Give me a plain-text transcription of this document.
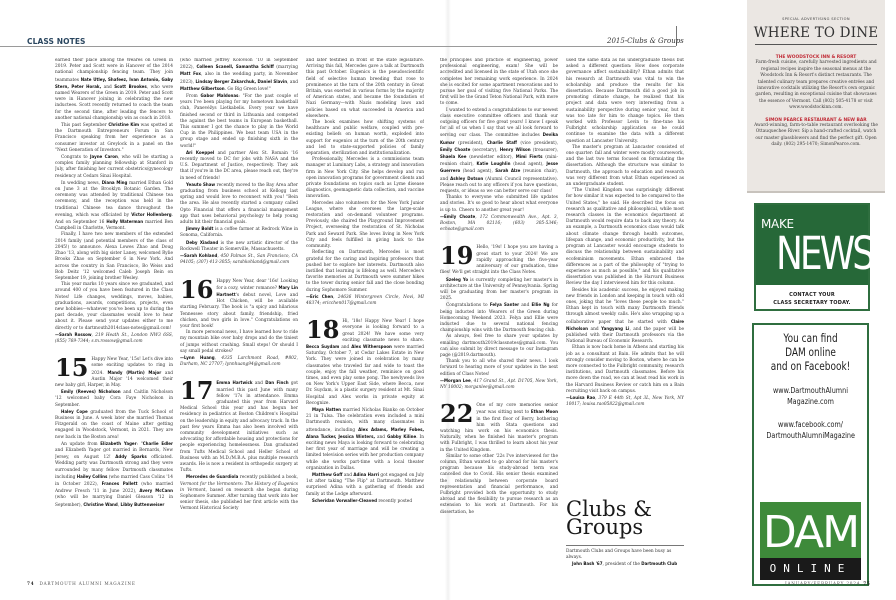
CLASS NOTES	2015-Clubs & Groups

earned their place among the Weares on Green in 2019. Peter and Scott were in Hanover of the 2014 national championship fencing team. They join teammates Nate Utley, Shafeez, Ivan Antonio, Gaby Stern, Peter Horak, and Scott Brookes, who were named Wearers of the Green in 2019. Peter and Scott were in Hanover joining in celebrating the new inductees. Scott recently returned to coach the team for the second time, after leading the fencers to another national championship win as coach in 2018.

This past September Christine Kim was spotted at the Dartmouth Entrepreneurs Forum in San Francisco speaking from her experience as a consumer investor at Greylock in a panel on the "Next Generation of Investors."

Congrats to Jayne Caron, who will be starting a complex family planning fellowship at Stanford in July, after finishing her current obstetrics/gynecology residency at Cedars Sinai Hospital.

In wedding news, Diana Ming married Ethan Gold on June 3 at the Brooklyn Botanic Garden. The ceremony was attended by traditional Chinese tea ceremony, and the reception was held in the traditional Chinese tea dance throughout the evening, which was officiated by Victor Hollenberg. And on September 16 Holly Waterman married Ben Campbell in Charlotte, Vermont.

Finally, I have two new members of the extended 2014 family (and potential members of the class of 2045!) to announce. Alexa Lowes Zhao and Doug Zhao '13, along with big sister Laney, welcomed Rylie Brooks Zhao on September 6 in New York. And across the country in San Francisco, Bo Weiss and Bob Deitz '12 welcomed Caleb Joseph Bein on September 19, joining brother Wesley.

This year marks 10 years since we graduated, and around 400 of you have been featured in the Class Notes! Life changes, weddings, moves, babies, graduations, awards, competitions, projects, even new hobbies—whatever you've been up to during the past decade, your classmates would love to hear about it. Please send your updates either to me directly or to dartmouth2014class-notes@gmail.com!

—Sarah Rossow, 219 Heath St., London NW3 6SS, (855) 769-7344; s.m.rossow@gmail.com

15 Happy New Year, '15s! Let's dive into some exciting updates to ring in 2024. Mandy (Martin) Major and Austin Major '14 welcomed their new baby girl, Harper, in May.

Emily (Reeves) Nicholson and Caitlin Nicholson '12 welcomed baby Cora Faye Nicholson in September.

Haley Cope graduated from the Tuck School of Business in June. A week later she married Thomas Fitzgerald on the coast of Maine after getting engaged in Woodstock, Vermont, in 2021. They are now back in the Boston area!

An update from Elizabeth Yager: "Charlie Edler and Elizabeth Yager got married in Bernards, New Jersey, on August 12! Addy Sparks officiated. Wedding party was Dartmouth strong and they were surrounded by many fellow Dartmouth classmates including Hailey Collins (who married Cass Colins '14 in October 2022), Frances Pallett (who married Andrew Fresch '11 in June 2022), Avery McCann (who will be marrying Daniel Gleason '12 in September), Christine Wand, Libby Buttenweiser

(who married Jeffrey Kolovson '10 in September 2022), Colleen Scanell, Samantha Schiff (marrying Matt Fox, also in the wedding party, in November 2023), Lindsay Berger Zakarchuk, Daniel Slavin, and Matthew Gilbertson. Go Big Green love!"

From Gabor Maldonas: "For the past couple of years I've been playing for my hometown basketball club, Panevėžys Lietkabelis. Every year we have finished second or third in Lithuania and competed the against the best teams in European basketball. This summer I got the chance to play in the World Cup in the Philippines. We beat team USA in the group stage and ended up finishing sixth in the world!"

Ari Koeppel and partner Alex St. Romain '16 recently moved to DC for jobs with NASA and the U.S. Department of Justice, respectively. They ask that if you're in the DC area, please reach out, they're in need of friends!

Yeauto Shaw recently moved to the Bay Area after graduating from business school at Kellogg last spring and would love to reconnect with you! "Bein the area. He also recently started a company called Opto Financial that offers a financial management app that uses behavioral psychology to help young adults hit their financial goals.

Jimmy Boldt is a coffee farmer at Redrock Wine in Sonoma, California.

Deby Xiadand is the new artistic director of the Rockwell Theater in Somerville, Massachusetts.

—Sarah Kohland, 450 Palmas St., San Francisco, CA 94105; (307) 413-3055; sarahkohland@gmail.com

16 Happy New Year, dear '16s! Looking for a cozy, winter romance? Mary Lin Hartnett's debut novel, Love and Hot Chicken, will be available starting February. The book is "a spicy and hilarious Tennessee story about family, friendship, fried chicken, and two girls in love." Congratulations on your first book!

In more personal news, I have learned how to ride my mountain bike over baby drops and do the tiniest of jumps without crashing. Small steps! Or should I say small pedal strokes?

—Lynn Huang, 4335 Larchmont Road, #802, Durham, NC 27707; lynnhuang94@gmail.com

17 Emma Hartwick and Dan Finch got married this past June with many fellow '17s in attendance. Emma graduated this year from Harvard Medical School this year and has begun her residency in pediatrics at Boston Children's Hospital on the leadership in equity and advocacy track. In the past few years Emma has also been involved with community development initiatives such as advocating for affordable housing and protections for people experiencing homelessness. Dan graduated from Tufts Medical School and Heller School of Business with an M.D./M.B.A. plus multiple research awards. He is now a resident in orthopedic surgery at Tufts.

Mercedes de Guardiola recently published a book, Vermont for the Vermonters: The History of Eugenics in Vermont, based on research she began during Sophomore Summer. After turning that work into her senior thesis, she published her first article with the Vermont Historical Society

and later testified in front of the state legislature. Arriving this fall, Mercedes gave a talk at Dartmouth this past October. Eugenics is the pseudoscientific field of selective human breeding that rose to prominence at the turn of the 20th century in Great Britain, was exerted in various forms by the majority of American states, and became the foundation of Nazi Germany—with Nazis modeling laws and policies based on what succeeded in America and elsewhere.

The book examines how shifting systems of healthcare and public welfare, coupled with pre-existing beliefs on human worth, exploded into support for eugenics at the turn of the 20th century and led to state-supported policies of family separation, sterilization and institutionalization.

Professionally, Mercedes is a commissions team manager at Luminary Labs, a strategy and innovation firm in New York City. She helps develop and run open innovation programs for government clients and private foundations on topics such as Lyme disease diagnostics, geomagnetic data collection, and vaccine innovation.

Mercedes also volunteers for the New York Junior League, where she oversees the large-scale restoration and on-demand volunteer programs. Previously, she chaired the Playground Improvement Project, overseeing the restoration of St. Nicholas Park and Seward Park. She loves living in New York City and feels fulfilled in giving back to the community.

Reflecting on Dartmouth, Mercedes is most grateful for the caring and inspiring professors that pushed her to explore her interests. Dartmouth also instilled that learning is lifelong as well. Mercedes's favorite memories at Dartmouth were summer hikes to the tower during senior fall and the close bonding during Sophomore Summer.

—Eric Chen, 24636 Wintergreen Circle, Novi, MI 48374; ericchen017@gmail.com

18 Hi, '18s! Happy New Year! I hope everyone is looking forward to a great 2024! We have some very exciting classmate news to share. Becca Suydam and Alex Witherspoon were married Saturday, October 7, at Cedar Lakes Estate in New York. They were joined in celebration by many classmates who traveled far and wide to toast the couple, enjoy the fall weather, reminisce on good times, and even play some pong. The newlyweds live on New York's Upper East Side, where Becca, now Dr. Suydam, is a plastic surgery resident at Mt. Sinai Hospital and Alex works in private equity at Recognize.

Maya Hatten married Nicholas Bianko on October 21 in Tulsa. The celebration even included a mini Dartmouth reunion, with many classmates in attendance, including Alex Adams, Marley Fobes, Alana Tucker, Jessica Winters, and Gabby Kiline. In exciting news Maya is looking forward to celebrating her first year of marriage and will be creating a limited television series with her production company while she works part-time with a local theater organization in Dallas.

Matthew Goff and Adina Harri got engaged on July 1st after taking "The Flip" at Dartmouth. Matthew surprised Adina with a gathering of friends and family at the Lodge afterward.

Scheridan Vorwaller-Cleaved recently posted

the principles and practice of engineering, power professional engineering, exam! She will be accredited and licensed in the state of Utah once she completes her remaining work experience. In 2024 she is excited for some apartment renovations and to pursue her goal of visiting five National Parks. The first will be the Grand Teton National Park, with more to come.

I wanted to extend a congratulations to our newest class executive committee officers and thank our outgoing officers for five great years! I know I speak for all of us when I say that we all look forward to serving our class. The committee includes Devika Kumar (president), Charlie Staff (vice president), Emily Choate (secretary), Henry Wilson (treasurer), Shaela Kee (newsletter editor), Mimi Fierts (mini-reunion chair), Katie Loughlin (head agent), Jesse Guerrero (head agent), Sarah Alze (reunion chair), and Ashley Dotson (Alumni Council representative). Please reach out to any officers if you have questions, requests, or ideas so we can better serve our class!

Thanks to everyone who submitted life updates and stories. It's so good to hear about what everyone is up to. Cheers to another great year!

—Emily Choate, 172 Commonwealth Ave., Apt. 3, Boston, MA 02116; (603) 305-5346; echoate@gmail.com

19 Hello, '19s! I hope you are having a great start to your 2024! We are rapidly approaching the five-year anniversary of our graduation, time flies! We'll get straight into the Class Notes.

Szeleg Yo is currently completing her master's in architecture at the University of Pennsylvania. Spring will be graduating from her master's program in 2025.

Congratulations to Felya Santer and Ellie Ng for being inducted into Wearers of the Green during Homecoming Weekend 2023. Felya and Ellie were inducted due to several national fencing championship wins with the Dartmouth fencing club.

As always, feel free to share your updates by emailing dartmouth2019classnotes@gmail.com. You can also submit by direct message to our Instagram page (@2019.dartmouth).

Thank you to all who shared their news. I look forward to hearing more of your updates in the next edition of Class Notes!

—Morgan Lee, 417 Grand St., Apt. D1705, New York, NY 10002; morganlee@gmail.com

22 One of my core memories senior year was sitting next to Ethan Moon in the first floor of Berry, bothering him with Stata questions and watching him work on his economics thesis. Naturally, when he finished his master's program with Fulbright, I was thrilled to learn about his year in the United Kingdom.

Similar to some other '22s I've interviewed for the column, Ethan wanted to go abroad for his master's program because his study-abroad term was cancelled due to Covid. His senior thesis examined the relationship between corporate board representation and financial performance, and Fulbright provided both the opportunity to study abroad and the flexibility to pursue research as an extension to his work at Dartmouth. For his dissertation, he

used the same data as his undergraduate thesis but asked a different question: How does corporate governance affect sustainability? Ethan admits that his research at Dartmouth was vital to win the scholarship and produce the results for his dissertation. Because Dartmouth did a good job in promoting climate change, he realized that his project and data were very interesting from a sustainability perspective during senior year, but it was too late for him to change topics. He then worked with Professor Levin to fine-tune his Fulbright scholarship application so he could continue to examine the data with a different question at Lancaster University.

The master's program at Lancaster consisted of one quarter: fall and winter were mostly coursework, and the last two terms focused on formulating the dissertation. Although the structure was similar to Dartmouth, the approach to education and research was very different from what Ethan experienced as an undergraduate student.

"The United Kingdom was surprisingly different for how similar it was expected to be compared to the United States," he said. He described the focus on research as qualitative and philosophical, while most research classes in the economics department at Dartmouth would require data to back any theory. As an example, a Dartmouth economics class would talk about climate change through health outcomes, lifespan change, and economic productivity, but the program at Lancaster would encourage students to discuss the relationship between sustainability and ecofeminism movements. Ethan embraced the differences as a part of the philosophy of "trying to experience as much as possible," and his qualitative dissertation was published in the Harvard Business Review the day I interviewed him for this column.

Besides his academic success, he enjoyed making new friends in London and keeping in touch with old ones, joking that he "loves these people too much." Ethan kept in touch with many Dartmouth friends through almost weekly calls. He's also wrapping up a collaborative paper that he started with Claire Nicholson and Yangyang Li, and the paper will be published with their Dartmouth professors via the National Bureau of Economic Research.

Ethan is now back home in Athens and starting his job as a consultant at Bain. He admits that he will strongly consider moving to Boston, where he can be more connected to the Fulbright community, research institutions, and Dartmouth classmates. Before his move down the road, we can at least read his work in the Harvard Business Review or catch him on a Bain recruiting visit back on campus.

—Louisa Rao, 379 E 44th St, Apt 3L, New York, NY 10017; louisa.rao05822@gmail.com

Clubs &
Groups
Dartmouth Clubs and Groups have been busy as always.
John Bash '67, president of the Dartmouth Club
SPECIAL ADVERTISING SECTION
WHERE TO DINE
THE WOODSTOCK INN & RESORT
Farm-fresh cuisine, carefully harvested ingredients and regional recipes inspire the seasonal menus at the Woodstock Inn & Resort's distinct restaurants. The talented culinary team prepares creative entrées and innovative cocktails utilizing the Resort's own organic garden, resulting in exceptional cuisine that showcases the essence of Vermont. Call (802) 505-4178 or visit www.woodstockinn.com.
SIMON PEARCE RESTAURANT & NEW BAR
Award-winning, farm-to-table restaurant overlooking the Ottauquechee River. Sip a hand-crafted cocktail, watch our master glassblowers and find the perfect gift. Open daily. (802) 295-1470; SimonPearce.com.
MAKE
NEWS
CONTACT YOUR
CLASS SECRETARY TODAY.
You can find
DAM online
and on Facebook!
www.DartmouthAlumni
Magazine.com
www.facebook.com/
DartmouthAlumniMagazine
DAM
ONLINE
74 DARTMOUTH ALUMNI MAGAZINE	JANUARY/FEBRUARY 2024 75
